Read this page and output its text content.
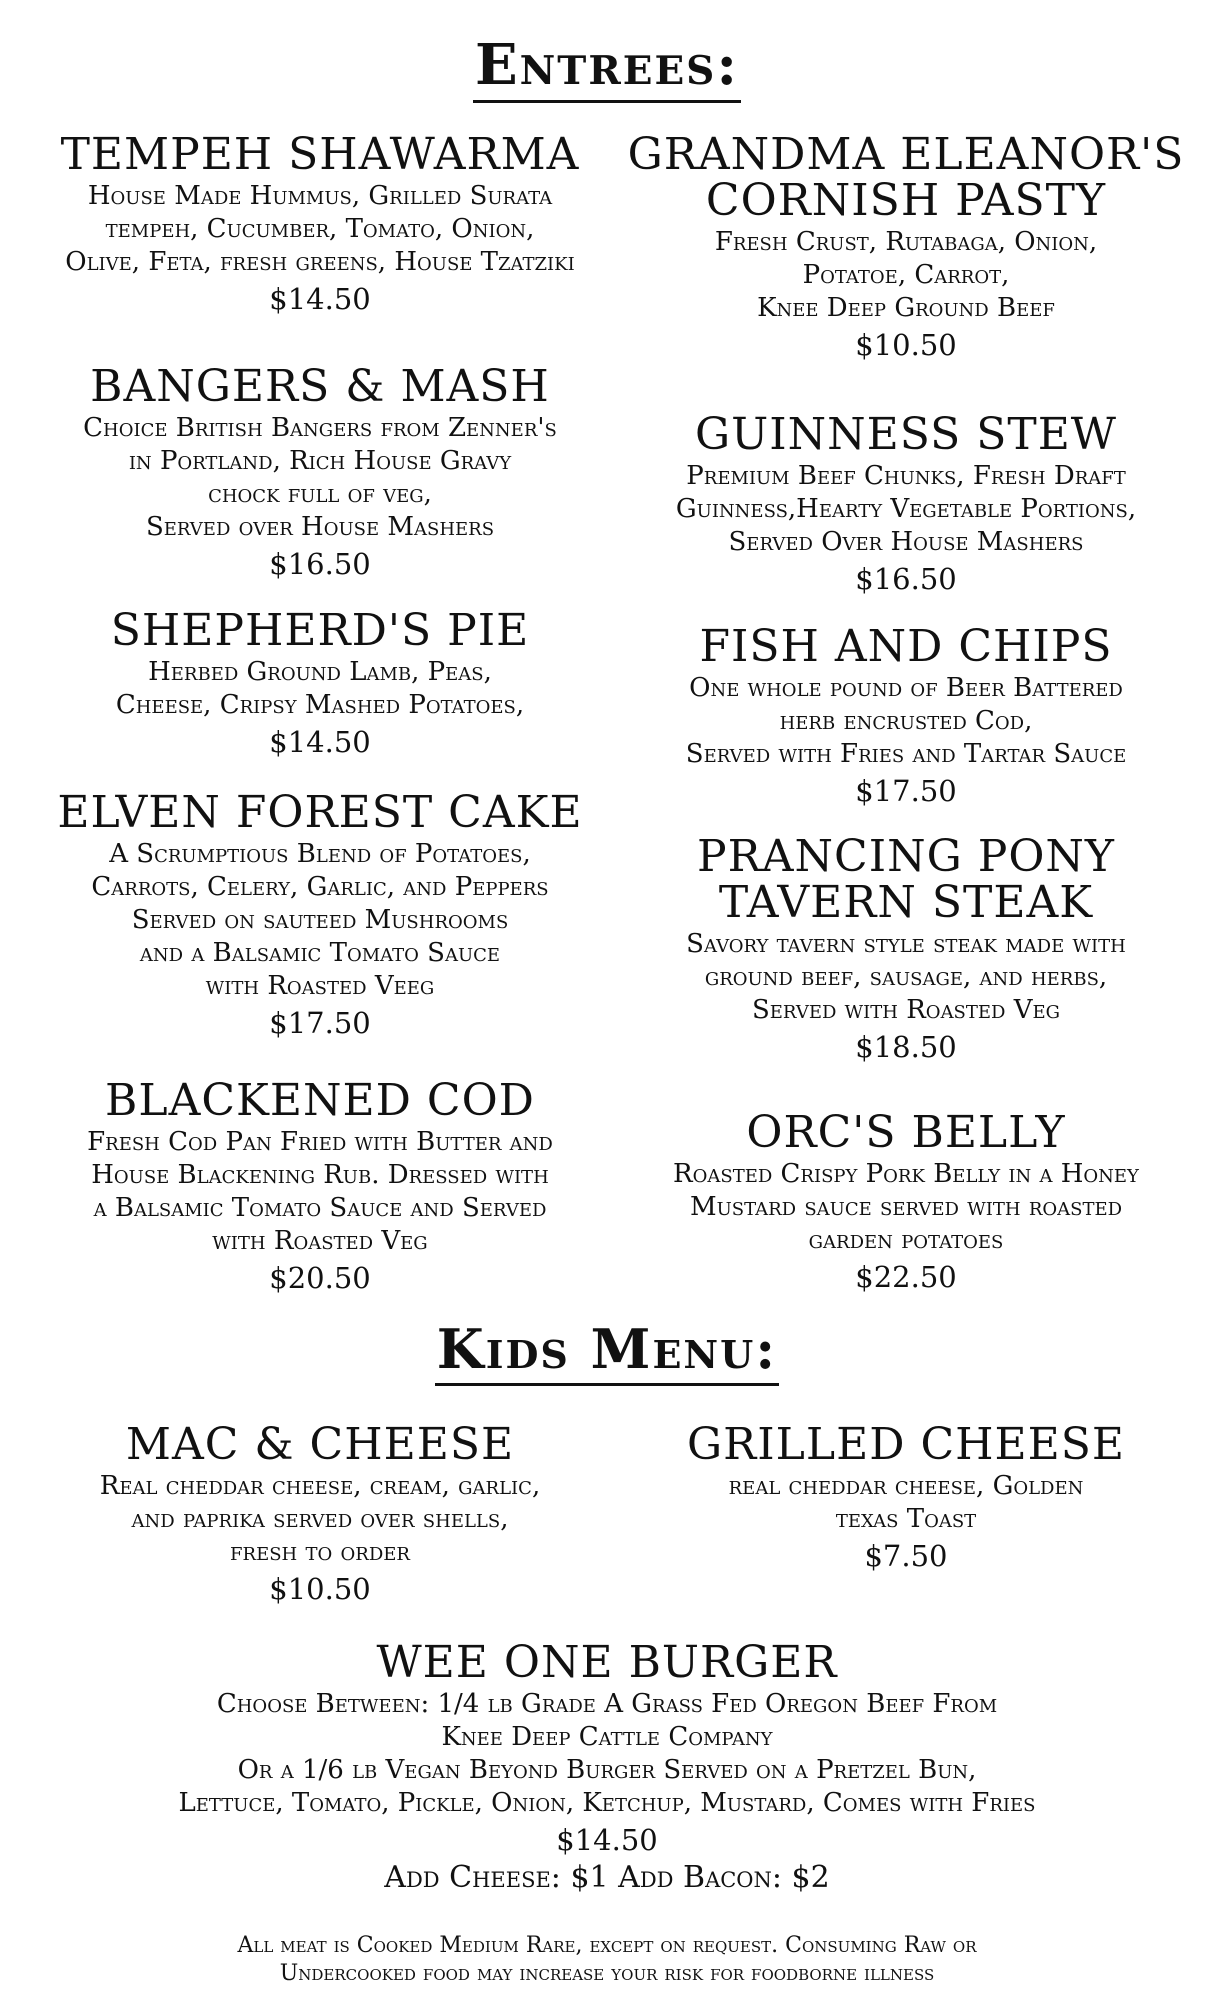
Entrees:
TEMPEH SHAWARMA
House Made Hummus, Grilled Surata
tempeh, Cucumber, Tomato, Onion,
Olive, Feta, fresh greens, House Tzatziki
$14.50
BANGERS & MASH
Choice British Bangers from Zenner's
in Portland, Rich House Gravy
chock full of veg,
Served over House Mashers
$16.50
SHEPHERD'S PIE
Herbed Ground Lamb, Peas,
Cheese, Cripsy Mashed Potatoes,
$14.50
ELVEN FOREST CAKE
A Scrumptious Blend of Potatoes,
Carrots, Celery, Garlic, and Peppers
Served on sauteed Mushrooms
and a Balsamic Tomato Sauce
with Roasted Veeg
$17.50
BLACKENED COD
Fresh Cod Pan Fried with Butter and
House Blackening Rub. Dressed with
a Balsamic Tomato Sauce and Served
with Roasted Veg
$20.50
GRANDMA ELEANOR'S
CORNISH PASTY
Fresh Crust, Rutabaga, Onion,
Potatoe, Carrot,
Knee Deep Ground Beef
$10.50
GUINNESS STEW
Premium Beef Chunks, Fresh Draft
Guinness,Hearty Vegetable Portions,
Served Over House Mashers
$16.50
FISH AND CHIPS
One whole pound of Beer Battered
herb encrusted Cod,
Served with Fries and Tartar Sauce
$17.50
PRANCING PONY
TAVERN STEAK
Savory tavern style steak made with
ground beef, sausage, and herbs,
Served with Roasted Veg
$18.50
ORC'S BELLY
Roasted Crispy Pork Belly in a Honey
Mustard sauce served with roasted
garden potatoes
$22.50
Kids Menu:
MAC & CHEESE
Real cheddar cheese, cream, garlic,
and paprika served over shells,
fresh to order
$10.50
GRILLED CHEESE
real cheddar cheese, Golden
texas Toast
$7.50
WEE ONE BURGER
Choose Between: 1/4 lb Grade A Grass Fed Oregon Beef From
Knee Deep Cattle Company
Or a 1/6 lb Vegan Beyond Burger Served on a Pretzel Bun,
Lettuce, Tomato, Pickle, Onion, Ketchup, Mustard, Comes with Fries
$14.50
Add Cheese: $1 Add Bacon: $2
All meat is Cooked Medium Rare, except on request. Consuming Raw or
Undercooked food may increase your risk for foodborne illness
